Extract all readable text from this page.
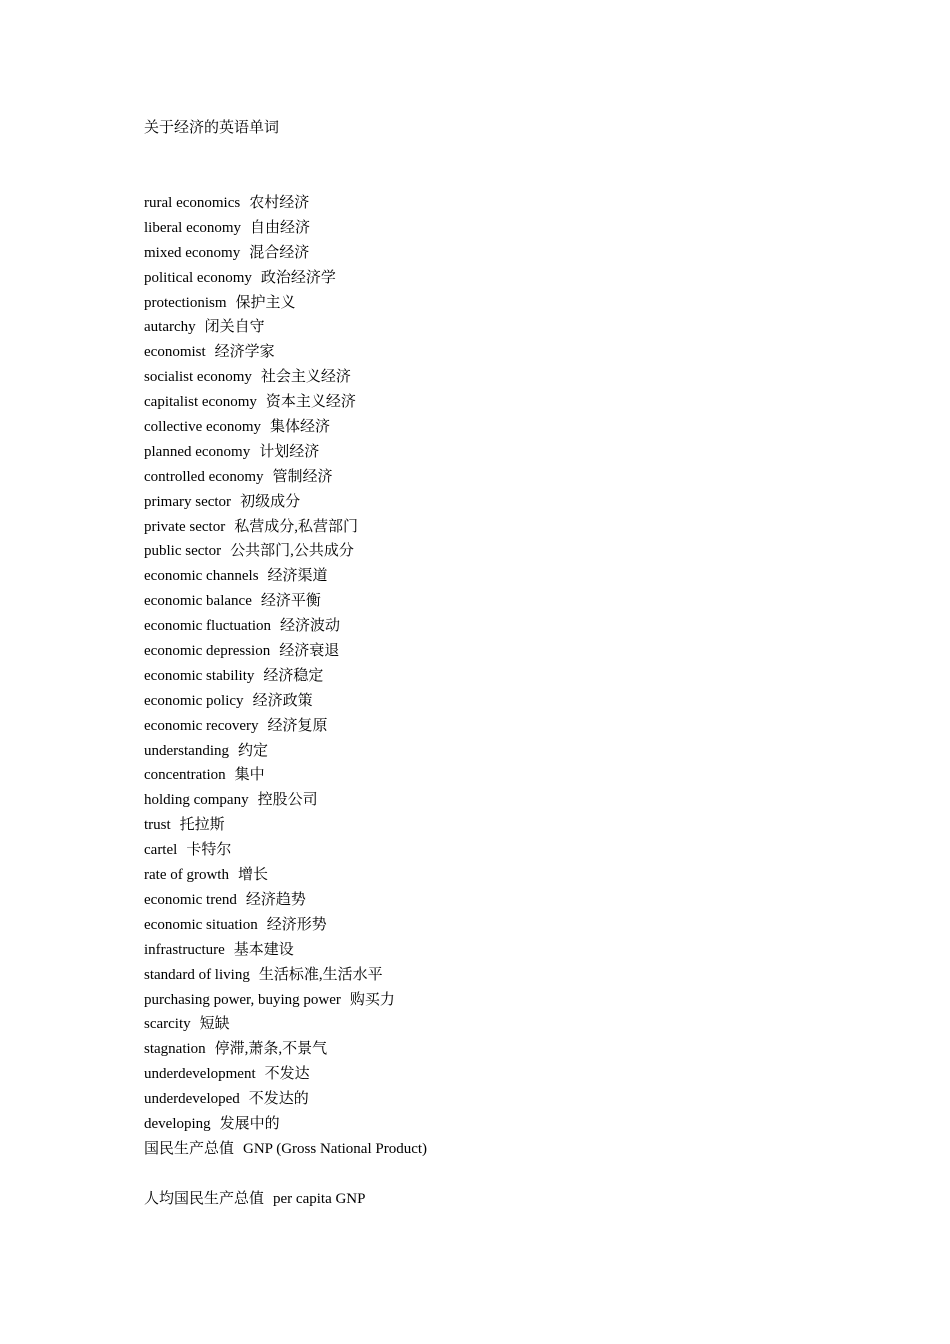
关于经济的英语单词
rural economics 农村经济
liberal economy 自由经济
mixed economy 混合经济
political economy 政治经济学
protectionism 保护主义
autarchy 闭关自守
economist 经济学家
socialist economy 社会主义经济
capitalist economy 资本主义经济
collective economy 集体经济
planned economy 计划经济
controlled economy 管制经济
primary sector 初级成分
private sector 私营成分,私营部门
public sector 公共部门,公共成分
economic channels 经济渠道
economic balance 经济平衡
economic fluctuation 经济波动
economic depression 经济衰退
economic stability 经济稳定
economic policy 经济政策
economic recovery 经济复原
understanding 约定
concentration 集中
holding company 控股公司
trust 托拉斯
cartel 卡特尔
rate of growth 增长
economic trend 经济趋势
economic situation 经济形势
infrastructure 基本建设
standard of living 生活标准,生活水平
purchasing power, buying power 购买力
scarcity 短缺
stagnation 停滞,萧条,不景气
underdevelopment 不发达
underdeveloped 不发达的
developing 发展中的
国民生产总值 GNP (Gross National Product)
人均国民生产总值 per capita GNP
